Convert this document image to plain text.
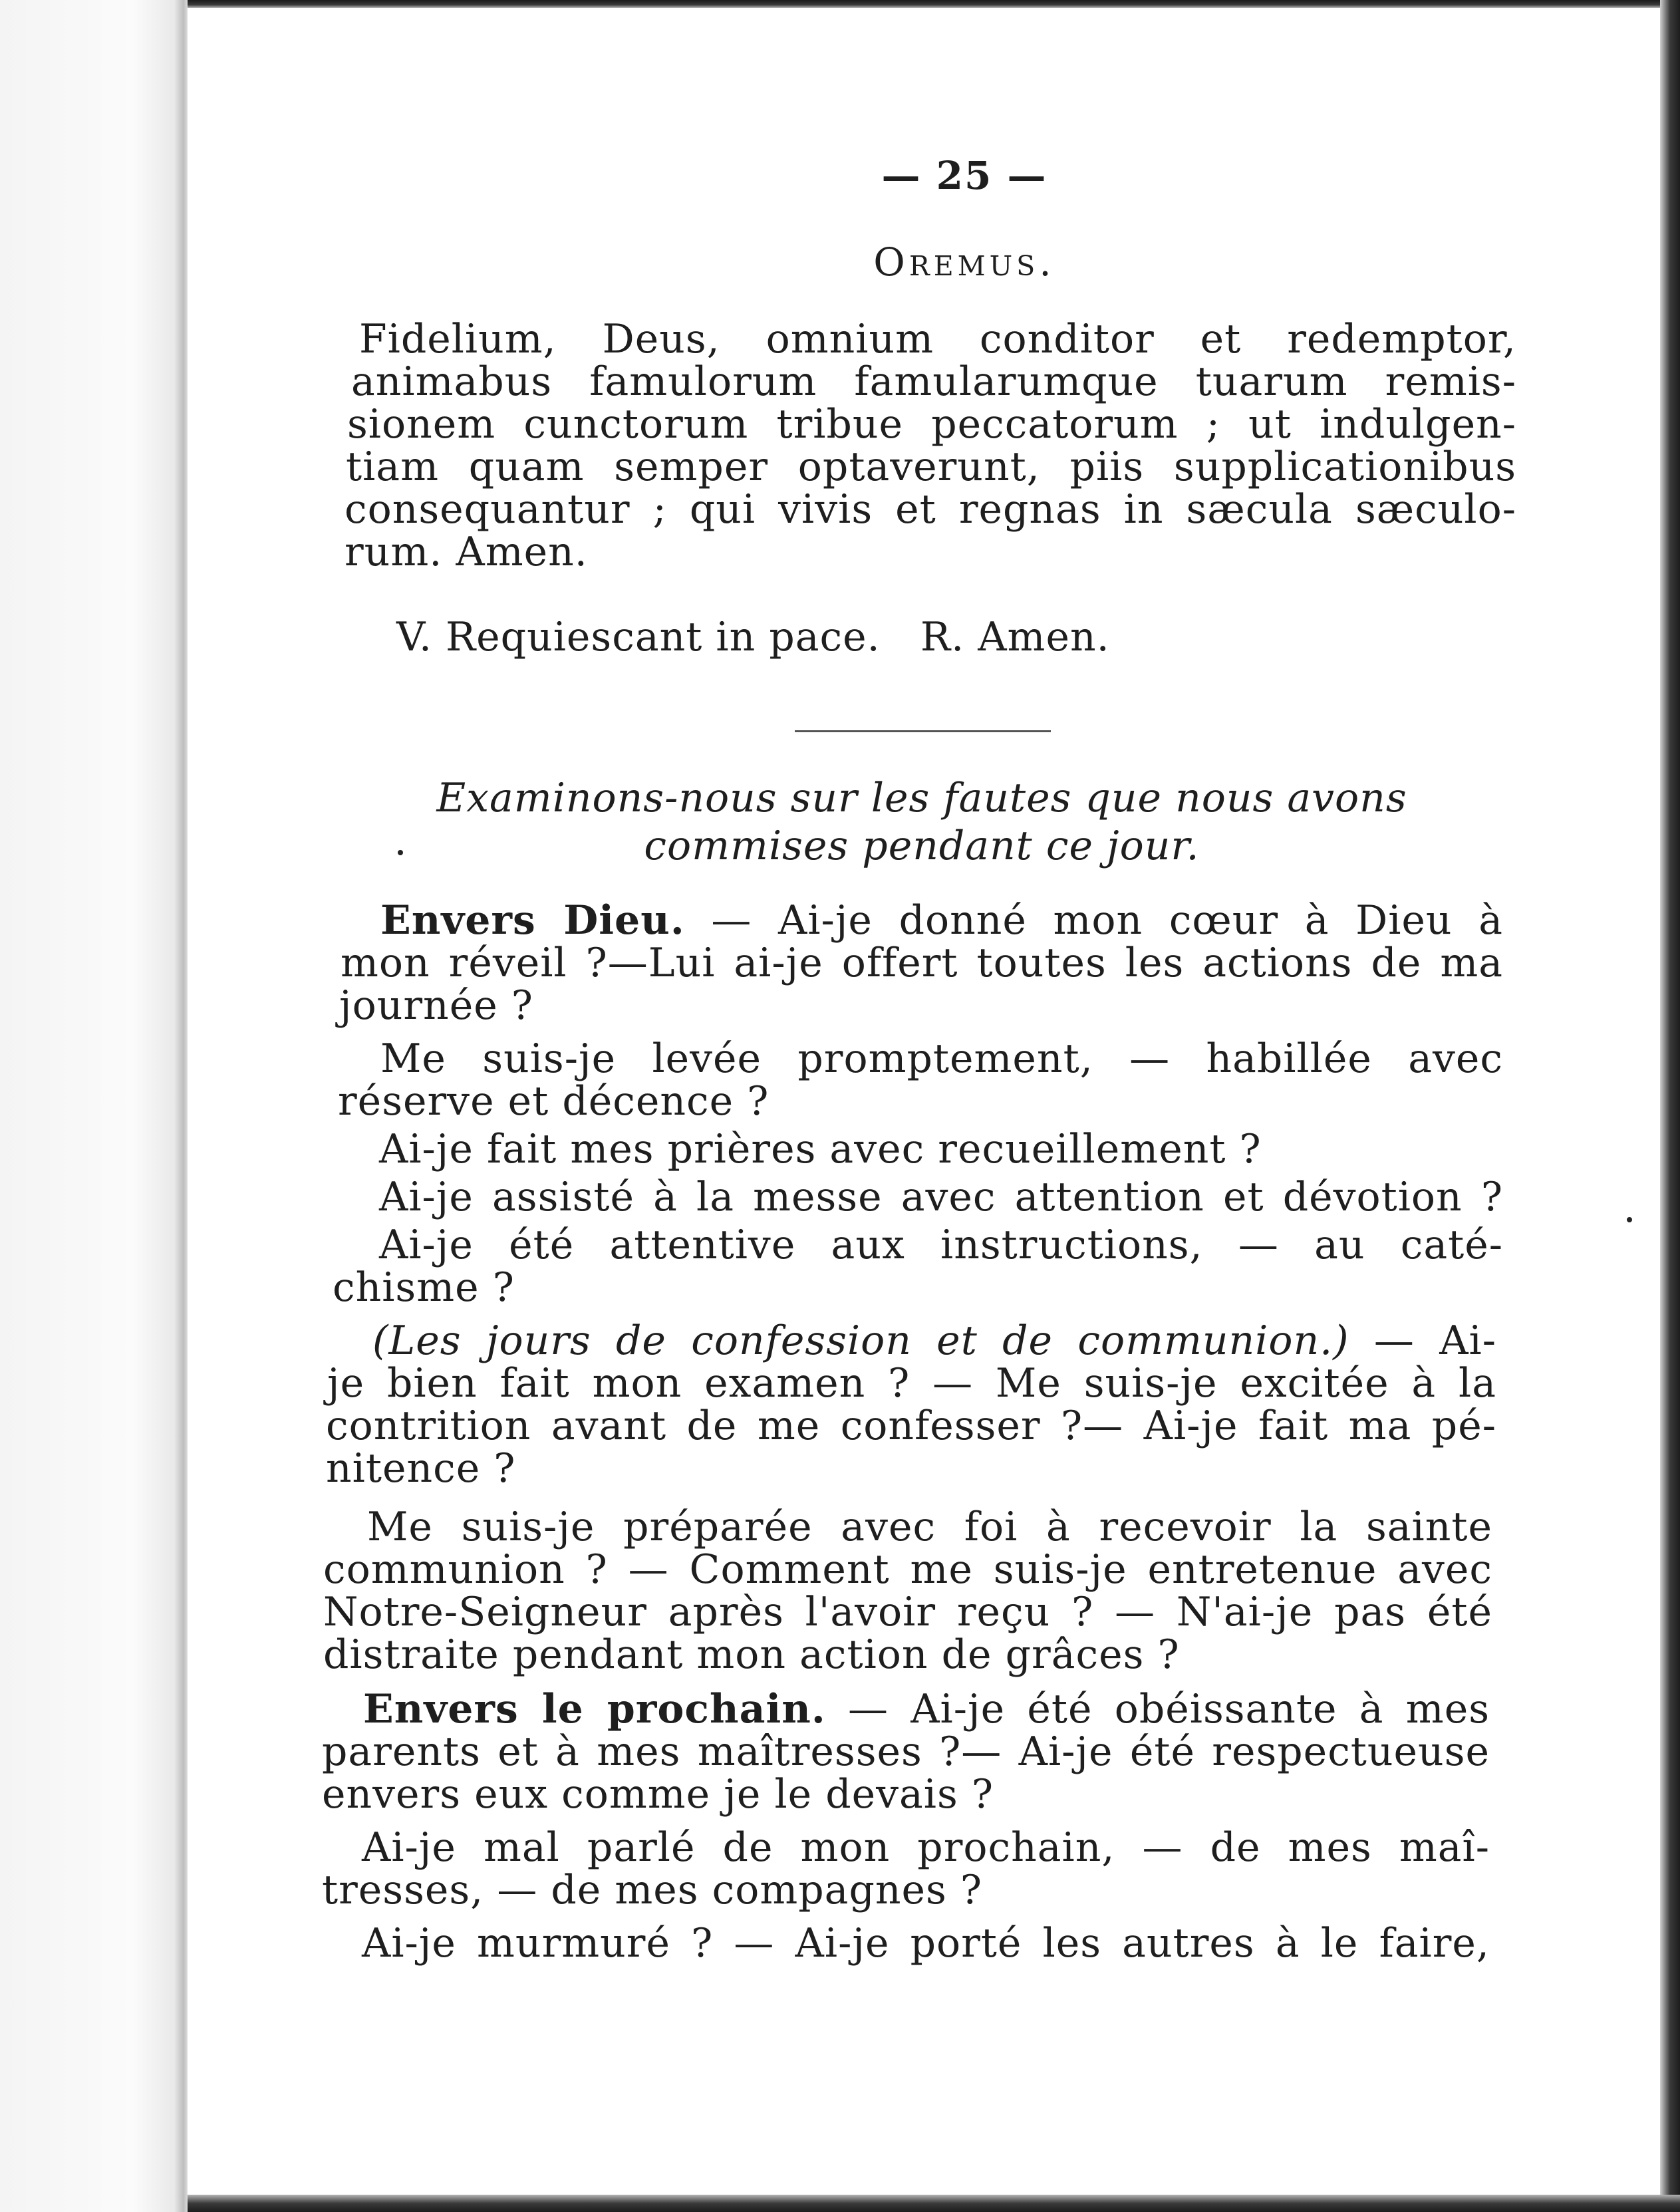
— 25 —
Oremus.
Fidelium, Deus, omnium conditor et redemptor,
animabus famulorum famularumque tuarum remis-
sionem cunctorum tribue peccatorum ; ut indulgen-
tiam quam semper optaverunt, piis supplicationibus
consequantur ; qui vivis et regnas in sæcula sæculo-
rum. Amen.
V. Requiescant in pace.   R. Amen.
Examinons-nous sur les fautes que nous avons
commises pendant ce jour.
Envers Dieu. — Ai-je donné mon cœur à Dieu à
mon réveil ?—Lui ai-je offert toutes les actions de ma
journée ?
Me suis-je levée promptement, — habillée avec
réserve et décence ?
Ai-je fait mes prières avec recueillement ?
Ai-je assisté à la messe avec attention et dévotion ?
Ai-je été attentive aux instructions, — au caté-
chisme ?
(Les jours de confession et de communion.) — Ai-
je bien fait mon examen ? — Me suis-je excitée à la
contrition avant de me confesser ?— Ai-je fait ma pé-
nitence ?
Me suis-je préparée avec foi à recevoir la sainte
communion ? — Comment me suis-je entretenue avec
Notre-Seigneur après l'avoir reçu ? — N'ai-je pas été
distraite pendant mon action de grâces ?
Envers le prochain. — Ai-je été obéissante à mes
parents et à mes maîtresses ?— Ai-je été respectueuse
envers eux comme je le devais ?
Ai-je mal parlé de mon prochain, — de mes maî-
tresses, — de mes compagnes ?
Ai-je murmuré ? — Ai-je porté les autres à le faire,
